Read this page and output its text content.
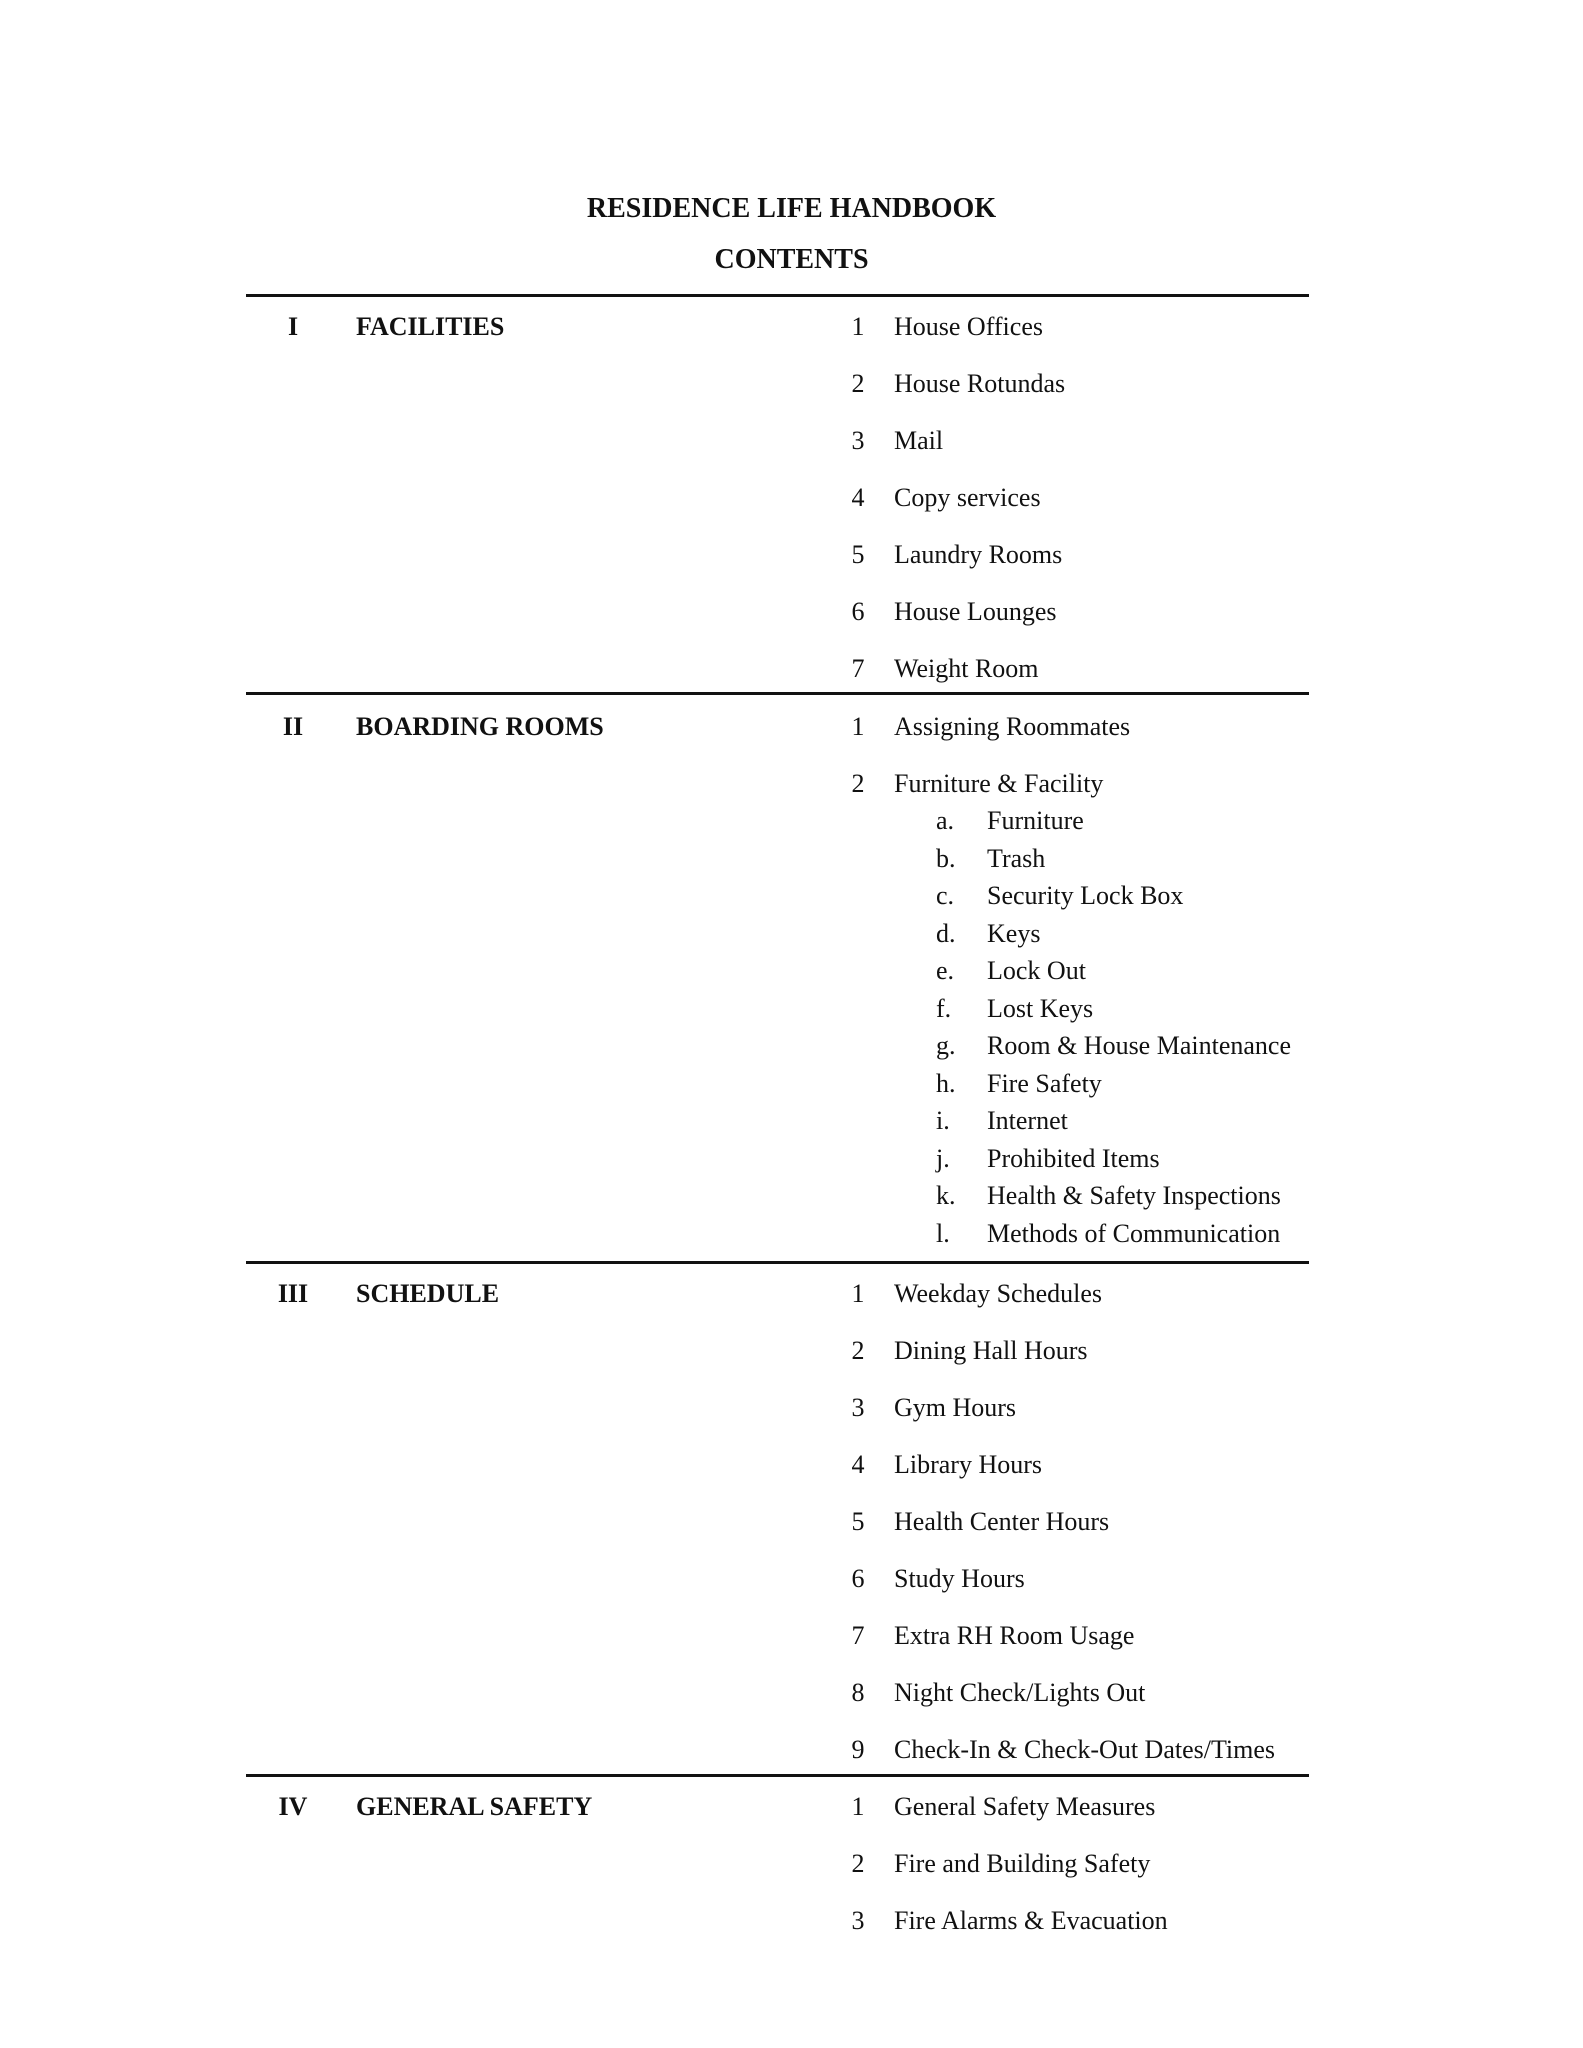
RESIDENCE LIFE HANDBOOK
CONTENTS
I	FACILITIES	1 House Offices
2 House Rotundas
3 Mail
4 Copy services
5 Laundry Rooms
6 House Lounges
7 Weight Room
II	BOARDING ROOMS	1 Assigning Roommates
2 Furniture & Facility
a. Furniture
b. Trash
c. Security Lock Box
d. Keys
e. Lock Out
f.	Lost Keys
g. Room & House Maintenance
h. Fire Safety
i.	Internet
j.	Prohibited Items
k. Health & Safety Inspections
l.	Methods of Communication
III	SCHEDULE	1 Weekday Schedules
2 Dining Hall Hours
3 Gym Hours
4 Library Hours
5 Health Center Hours
6 Study Hours
7 Extra RH Room Usage
8 Night Check/Lights Out
9 Check-In & Check-Out Dates/Times
IV	GENERAL SAFETY	1 General Safety Measures
2 Fire and Building Safety
3 Fire Alarms & Evacuation
